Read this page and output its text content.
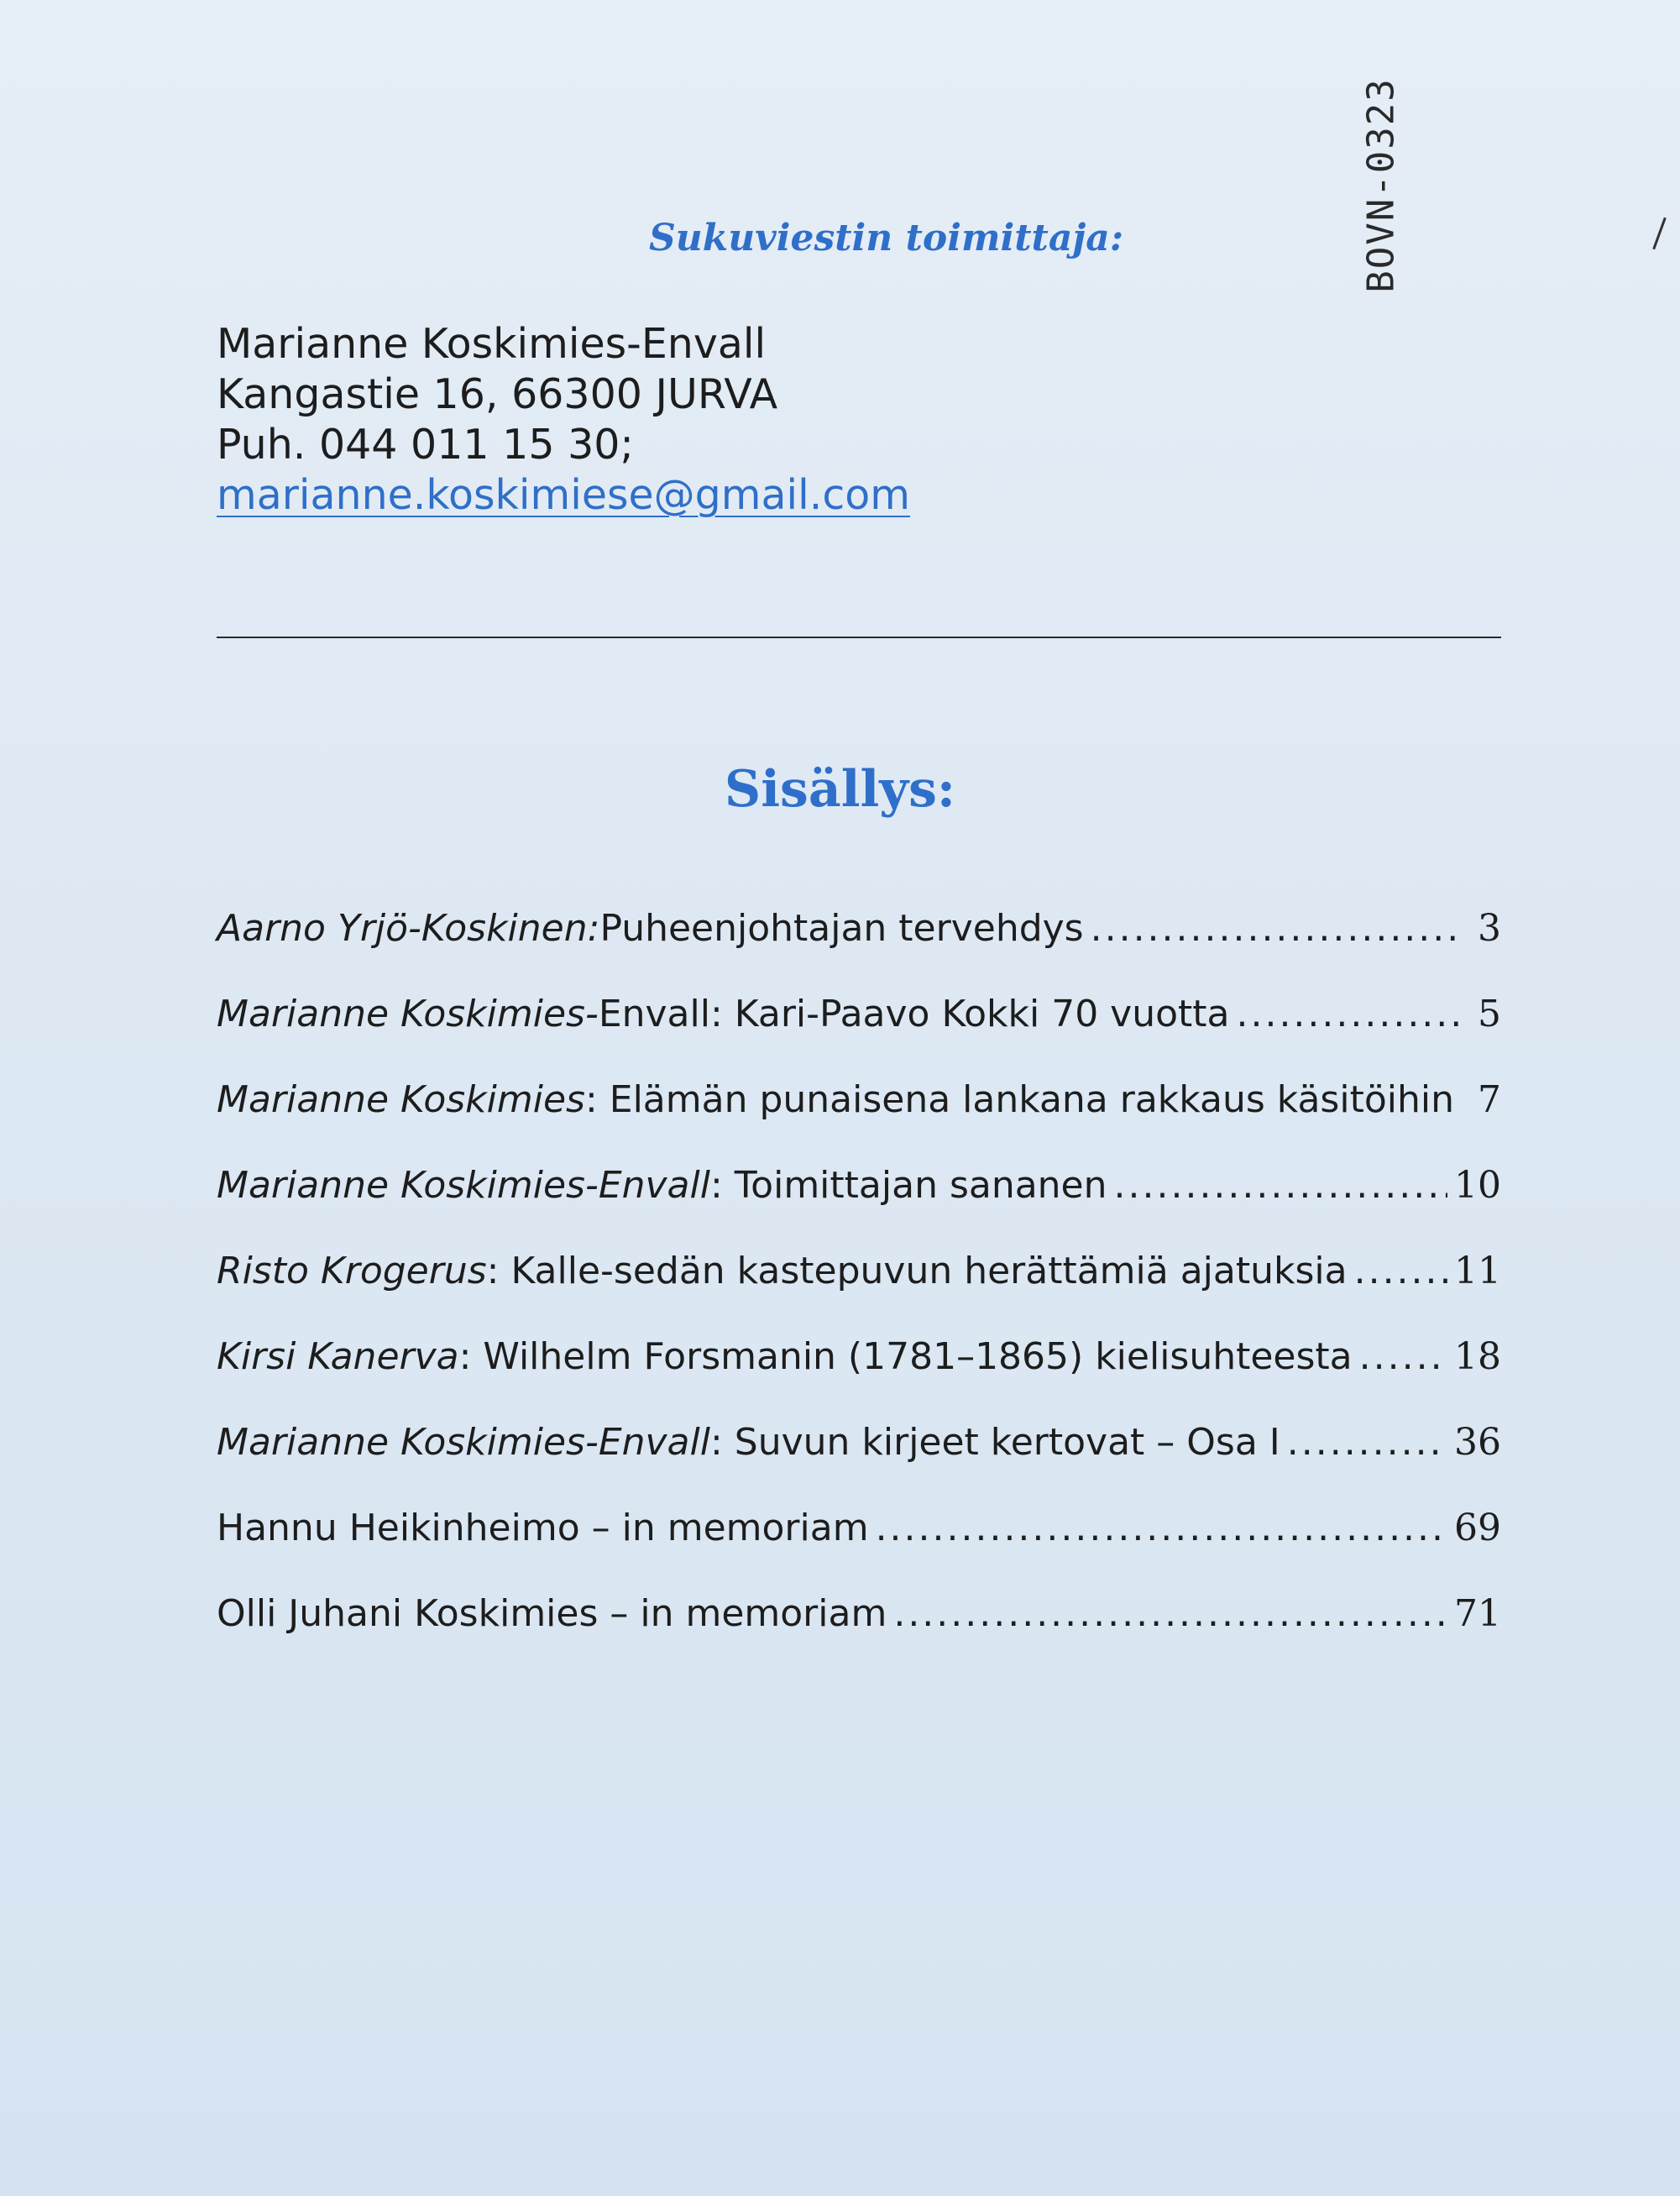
BOVN-0323
Sukuviestin toimittaja:
Marianne Koskimies-Envall
Kangastie 16, 66300 JURVA
Puh. 044 011 15 30;
marianne.koskimiese@gmail.com
Sisällys:
Aarno Yrjö-Koskinen: Puheenjohtajan tervehdys .....	3
Marianne Koskimies- Envall: Kari-Paavo Kokki 70 vuotta .....	5
Marianne Koskimies : Elämän punaisena lankana rakkaus käsitöihin ..... 7
Marianne Koskimies-Envall : Toimittajan sananen .....	10
Risto Krogerus : Kalle-sedän kastepuvun herättämiä ajatuksia .....	11
Kirsi Kanerva : Wilhelm Forsmanin (1781–1865) kielisuhteesta .....	18
Marianne Koskimies-Envall : Suvun kirjeet kertovat – Osa I .....	36
Hannu Heikinheimo – in memoriam .....	69
Olli Juhani Koskimies – in memoriam .....	71
